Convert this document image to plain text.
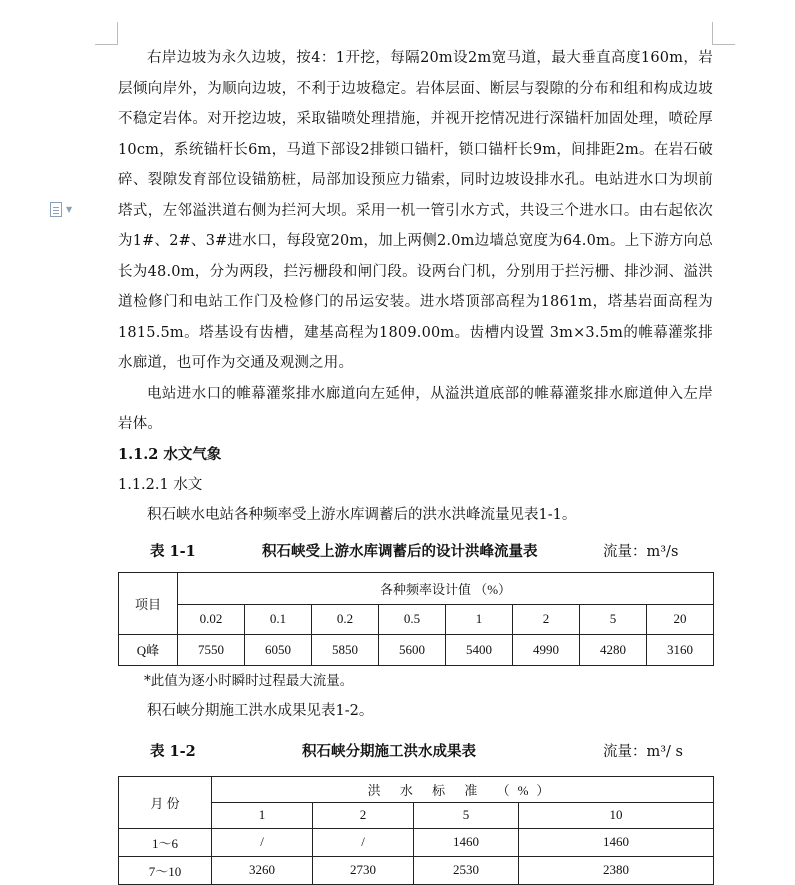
▼

右岸边坡为永久边坡，按4：1开挖，每隔20m设2m宽马道，最大垂直高度160m，岩层倾向岸外，为顺向边坡，不利于边坡稳定。岩体层面、断层与裂隙的分布和组和构成边坡不稳定岩体。对开挖边坡，采取锚喷处理措施，并视开挖情况进行深锚杆加固处理，喷砼厚10cm，系统锚杆长6m，马道下部设2排锁口锚杆，锁口锚杆长9m，间排距2m。在岩石破碎、裂隙发育部位设锚筋桩，局部加设预应力锚索，同时边坡设排水孔。电站进水口为坝前塔式，左邻溢洪道右侧为拦河大坝。采用一机一管引水方式，共设三个进水口。由右起依次为1#、2#、3#进水口，每段宽20m，加上两侧2.0m边墙总宽度为64.0m。上下游方向总长为48.0m，分为两段，拦污栅段和闸门段。设两台门机，分别用于拦污栅、排沙洞、溢洪道检修门和电站工作门及检修门的吊运安装。进水塔顶部高程为1861m，塔基岩面高程为1815.5m。塔基设有齿槽，建基高程为1809.00m。齿槽内设置 3m×3.5m的帷幕灌浆排水廊道，也可作为交通及观测之用。

电站进水口的帷幕灌浆排水廊道向左延伸，从溢洪道底部的帷幕灌浆排水廊道伸入左岸岩体。

1.1.2 水文气象

1.1.2.1 水文

积石峡水电站各种频率受上游水库调蓄后的洪水洪峰流量见表1-1。

表 1-1	积石峡受上游水库调蓄后的设计洪峰流量表	流量：m³/s
项目	各种频率设计值 （%）							
	0.02	0.1	0.2	0.5	1	2	5	20
Q峰	7550	6050	5850	5600	5400	4990	4280	3160

*此值为逐小时瞬时过程最大流量。

积石峡分期施工洪水成果见表1-2。

表 1-2	积石峡分期施工洪水成果表	流量：m³/ s
月 份	洪 水 标 准 （%）			
	1	2	5	10
1～6	/	/	1460	1460
7～10	3260	2730	2530	2380
